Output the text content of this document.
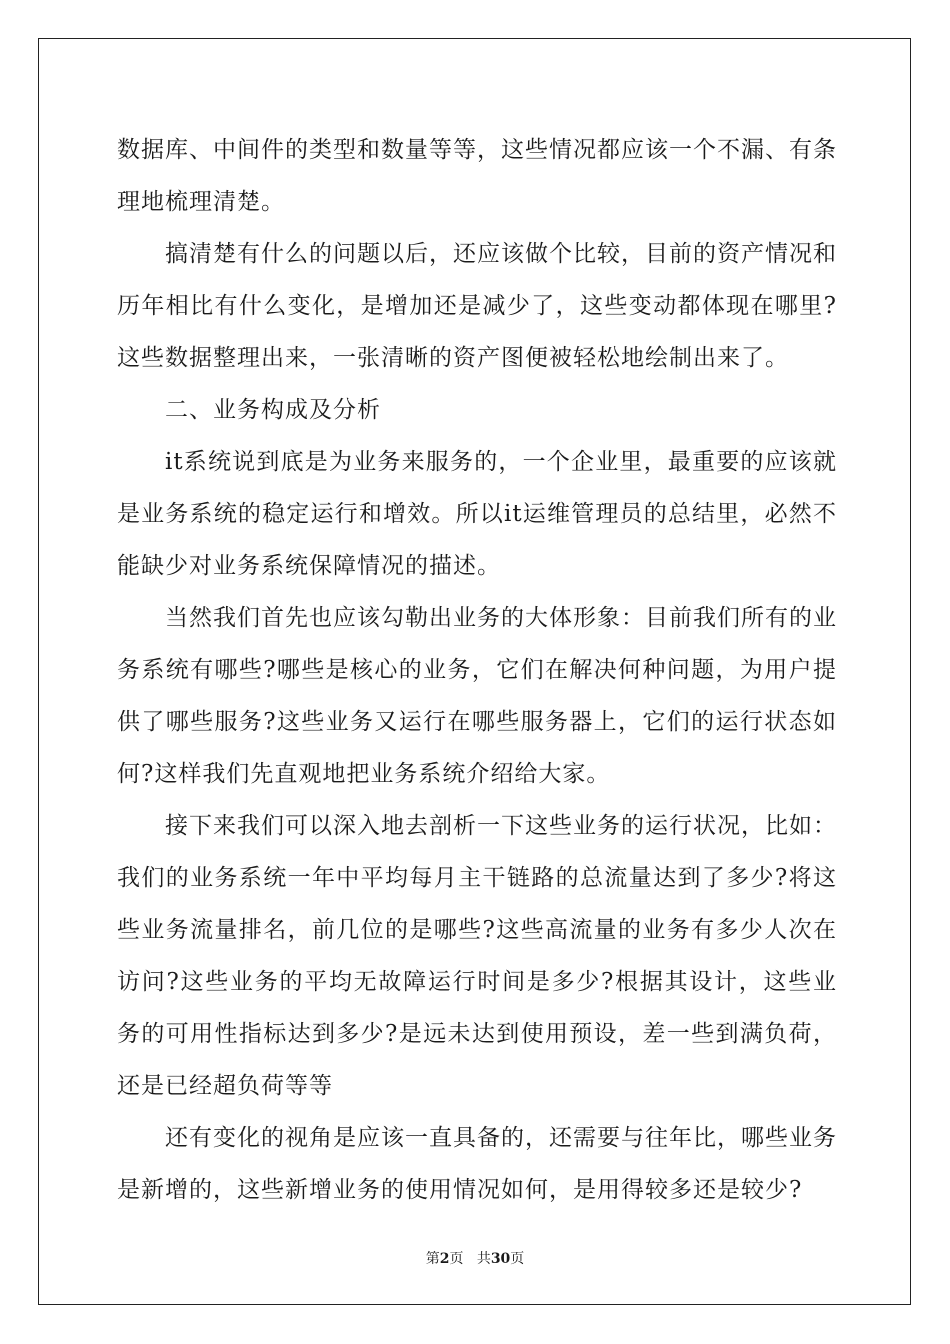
数据库、中间件的类型和数量等等，这些情况都应该一个不漏、有条理地梳理清楚。

搞清楚有什么的问题以后，还应该做个比较，目前的资产情况和历年相比有什么变化，是增加还是减少了，这些变动都体现在哪里?这些数据整理出来，一张清晰的资产图便被轻松地绘制出来了。

二、业务构成及分析

it系统说到底是为业务来服务的，一个企业里，最重要的应该就是业务系统的稳定运行和增效。所以it运维管理员的总结里，必然不能缺少对业务系统保障情况的描述。

当然我们首先也应该勾勒出业务的大体形象：目前我们所有的业务系统有哪些?哪些是核心的业务，它们在解决何种问题，为用户提供了哪些服务?这些业务又运行在哪些服务器上，它们的运行状态如何?这样我们先直观地把业务系统介绍给大家。

接下来我们可以深入地去剖析一下这些业务的运行状况，比如：我们的业务系统一年中平均每月主干链路的总流量达到了多少?将这些业务流量排名，前几位的是哪些?这些高流量的业务有多少人次在访问?这些业务的平均无故障运行时间是多少?根据其设计，这些业务的可用性指标达到多少?是远未达到使用预设，差一些到满负荷，还是已经超负荷等等

还有变化的视角是应该一直具备的，还需要与往年比，哪些业务是新增的，这些新增业务的使用情况如何，是用得较多还是较少?

第2页 共30页
